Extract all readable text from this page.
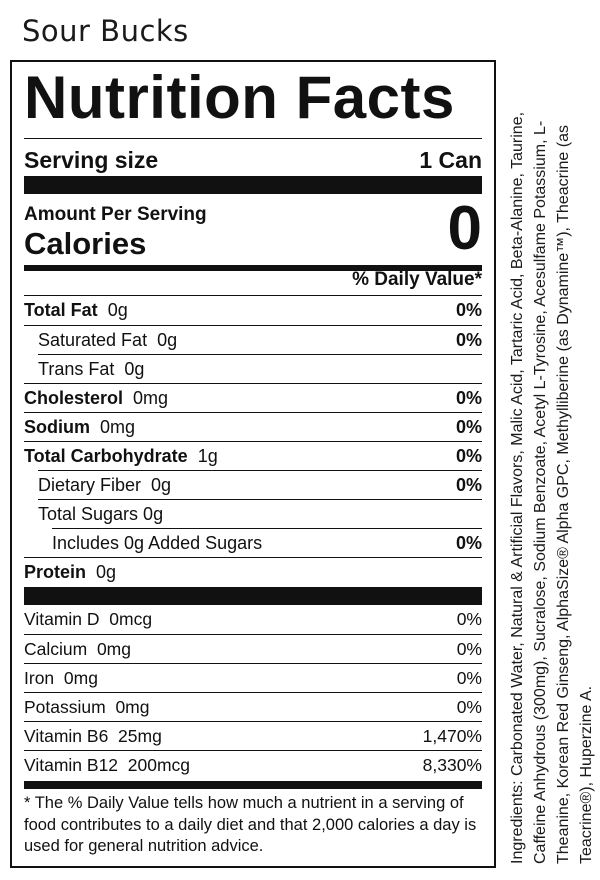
Sour Bucks
Nutrition Facts
Serving size	1 Can
Amount Per Serving
Calories	0
% Daily Value*
Total Fat 0g	0%
Saturated Fat 0g	0%
Trans Fat 0g
Cholesterol 0mg	0%
Sodium 0mg	0%
Total Carbohydrate 1g	0%
Dietary Fiber 0g	0%
Total Sugars 0g
Includes 0g Added Sugars	0%
Protein 0g
Vitamin D 0mcg	0%
Calcium 0mg	0%
Iron 0mg	0%
Potassium 0mg	0%
Vitamin B6 25mg	1,470%
Vitamin B12 200mcg	8,330%
* The % Daily Value tells how much a nutrient in a serving of food contributes to a daily diet and that 2,000 calories a day is used for general nutrition advice.	Ingredients: Carbonated Water, Natural & Artificial Flavors, Malic Acid, Tartaric Acid, Beta-Alanine, Taurine, Caffeine Anhydrous (300mg), Sucralose, Sodium Benzoate, Acetyl L-Tyrosine, Acesulfame Potassium, L-Theanine, Korean Red Ginseng, AlphaSize® Alpha GPC, Methylliberine (as Dynamine™), Theacrine (as Teacrine®), Huperzine A.
